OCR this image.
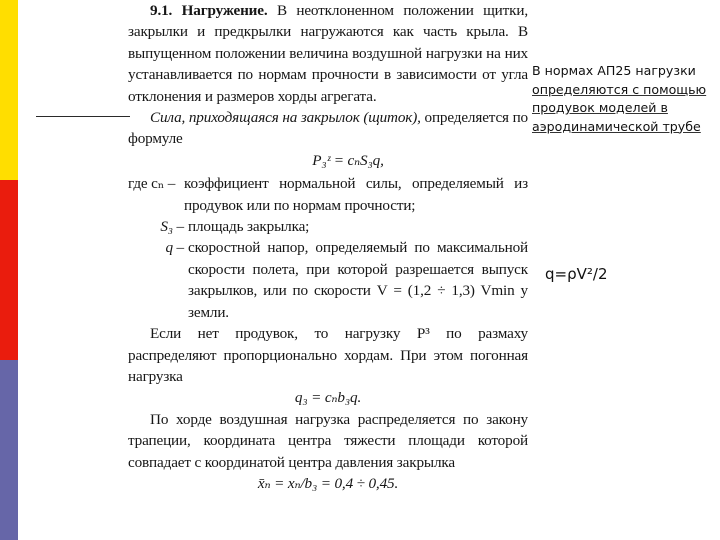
9.1. Нагружение. В неотклоненном положении щитки, закрылки и предкрылки нагружаются как часть крыла. В выпущенном положении величина воздушной нагрузки на них устанавливается по нормам прочности в зависимости от угла отклонения и размеров хорды агрегата.

Сила, приходящаяся на закрылок (щиток), определяется по формуле

P₃ᶻ = cₙS₃q,

где cₙ – коэффициент нормальной силы, определяемый из продувок или по нормам прочности;
S₃ – площадь закрылка;
q – скоростной напор, определяемый по максимальной скорости полета, при которой разрешается выпуск закрылков, или по скорости V = (1,2 ÷ 1,3) Vmin у земли.

Если нет продувок, то нагрузку P³ по размаху распределяют пропорционально хордам. При этом погонная нагрузка

q₃ = cₙb₃q.

По хорде воздушная нагрузка распределяется по закону трапеции, координата центра тяжести площади которой совпадает с координатой центра давления закрылка

x̄ₙ = xₙ/b₃ = 0,4 ÷ 0,45.

В нормах АП25 нагрузки
определяются с помощью
продувок моделей в
аэродинамической трубе
q=ρV²/2
